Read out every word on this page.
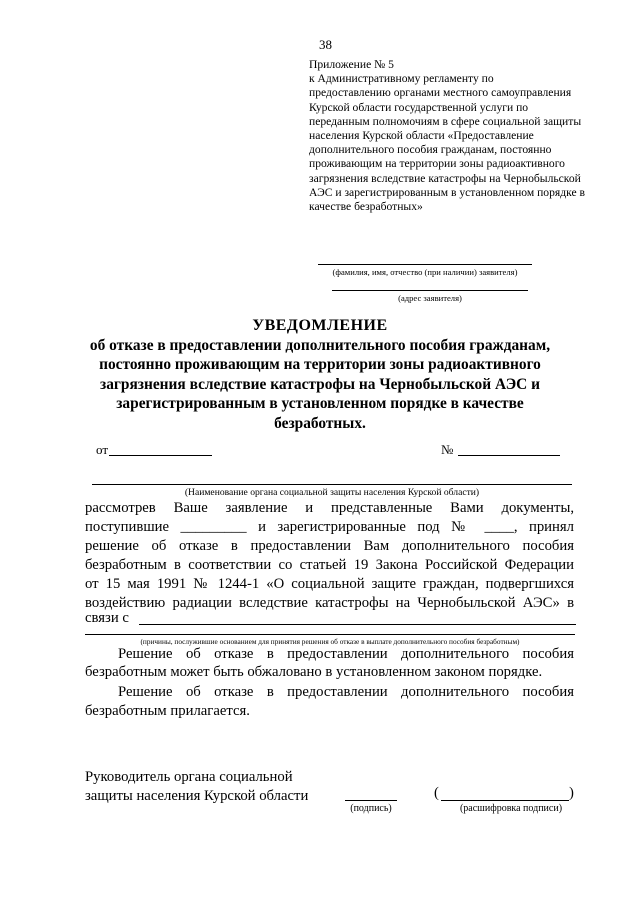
38
Приложение № 5
к Административному регламенту по
предоставлению органами местного самоуправления
Курской области государственной услуги по
переданным полномочиям в сфере социальной защиты
населения Курской области «Предоставление
дополнительного пособия гражданам, постоянно
проживающим на территории зоны радиоактивного
загрязнения вследствие катастрофы на Чернобыльской
АЭС и зарегистрированным в установленном порядке в
качестве безработных»
(фамилия, имя, отчество (при наличии) заявителя)
(адрес заявителя)
УВЕДОМЛЕНИЕ
об отказе в предоставлении дополнительного пособия гражданам,
постоянно проживающим на территории зоны радиоактивного
загрязнения вследствие катастрофы на Чернобыльской АЭС и
зарегистрированным в установленном порядке в качестве
безработных.
от	№
(Наименование органа социальной защиты населения Курской области)
рассмотрев Ваше заявление и представленные Вами документы,
поступившие _________ и зарегистрированные под № ____, принял
решение об отказе в предоставлении Вам дополнительного пособия
безработным в соответствии со статьей 19 Закона Российской Федерации
от 15 мая 1991 № 1244-1 «О социальной защите граждан, подвергшихся
воздействию радиации вследствие катастрофы на Чернобыльской АЭС» в
связи с
(причины, послужившие основанием для принятия решения об отказе в выплате дополнительного пособия безработным)
Решение об отказе в предоставлении дополнительного пособия
безработным может быть обжаловано в установленном законом порядке.
Решение об отказе в предоставлении дополнительного пособия
безработным прилагается.
Руководитель органа социальной
защиты населения Курской области
(подпись)
(	)
(расшифровка подписи)
